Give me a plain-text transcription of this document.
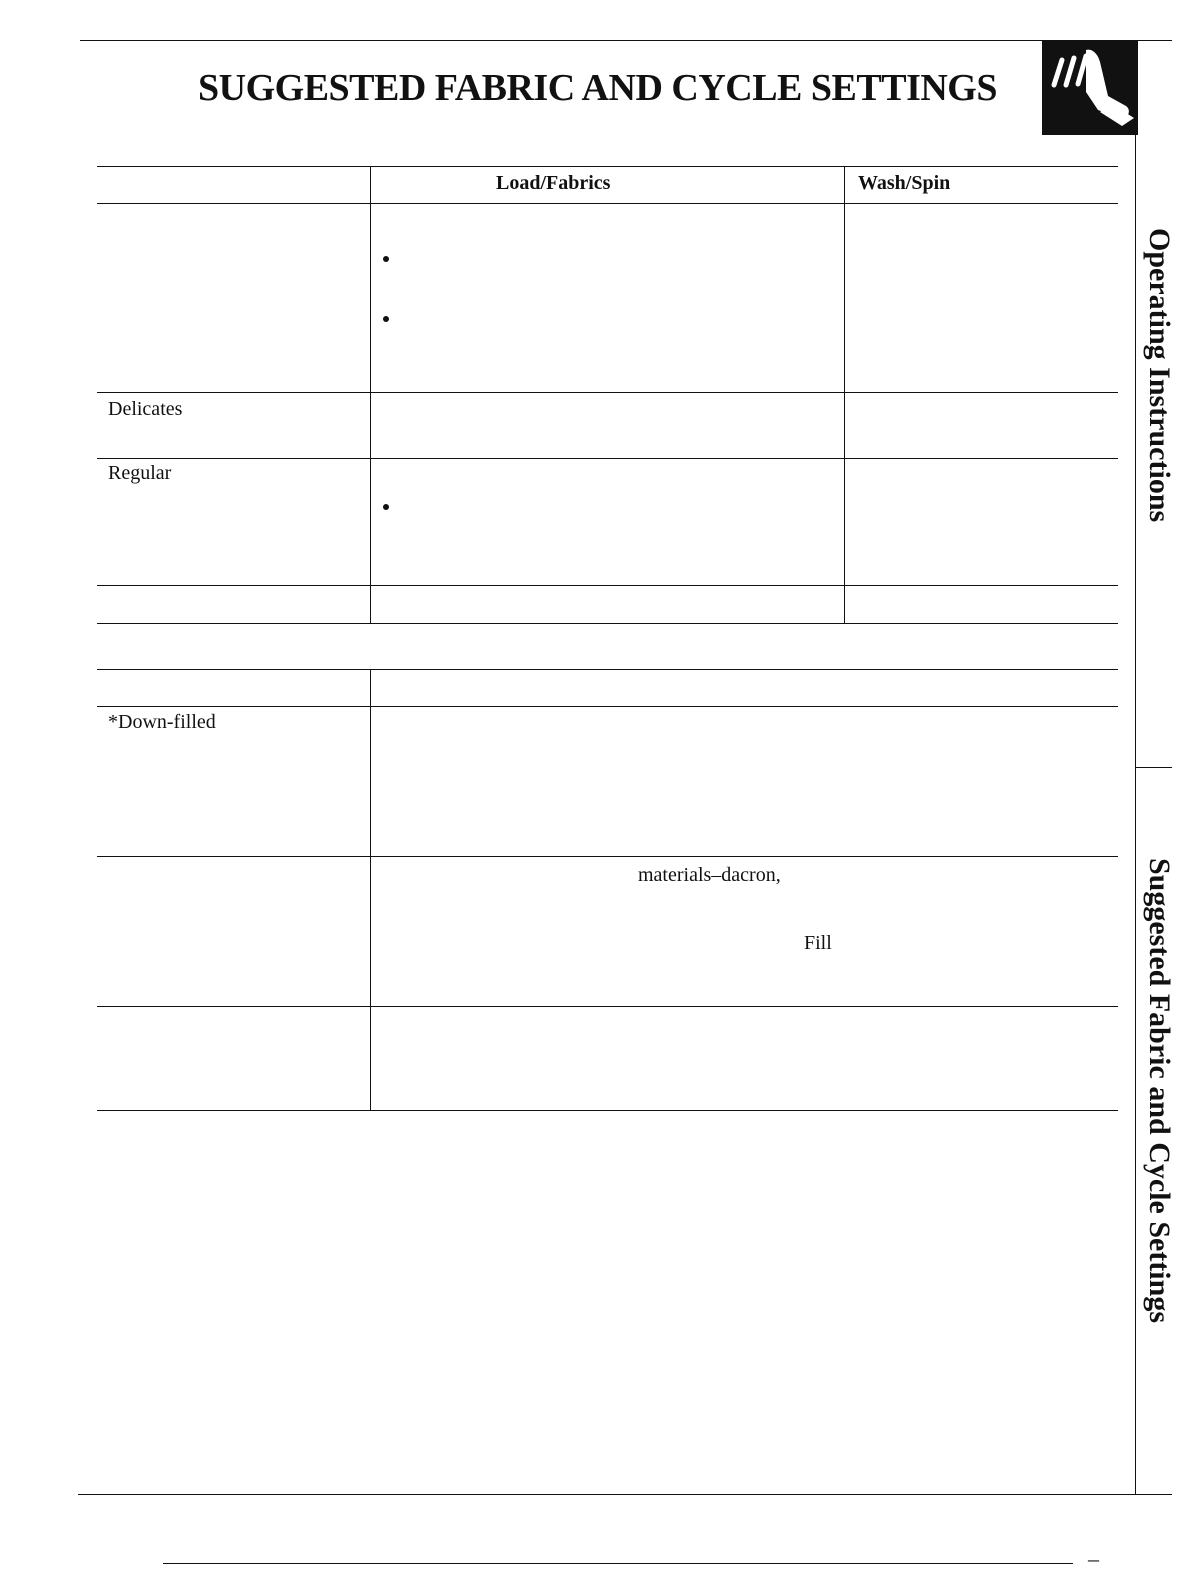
SUGGESTED FABRIC AND CYCLE SETTINGS
Load/Fabrics	Wash/Spin
Delicates
Regular
*Down-filled
materials–dacron,
Fill
Operating Instructions
Suggested Fabric and Cycle Settings
–
